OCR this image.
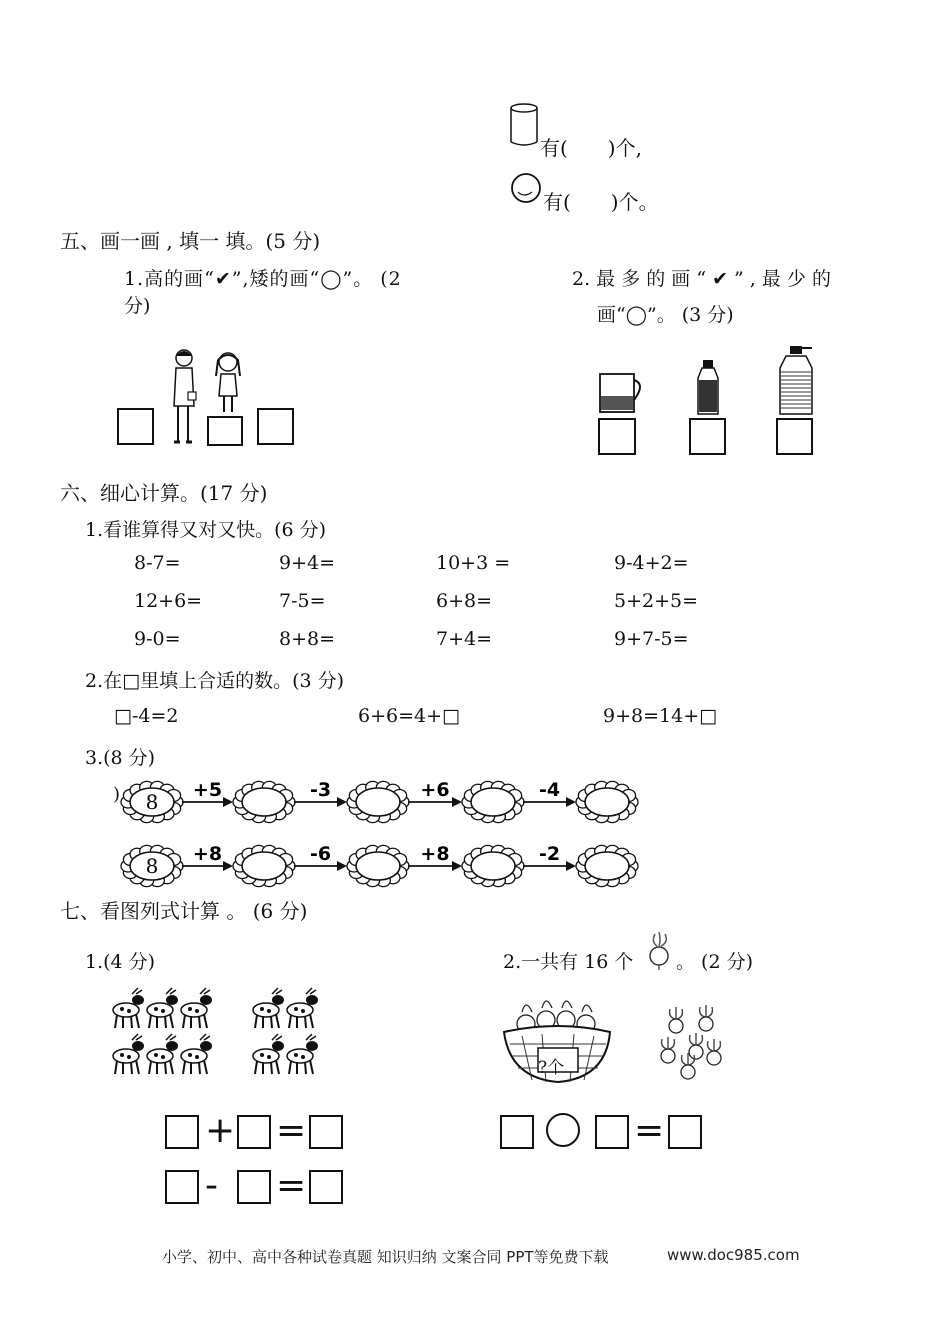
有(　　)个,
有(　　)个。
五、画一画 , 填一 填。(5 分)
1.高的画“✔”,矮的画“◯”。 (2
分)
2. 最 多 的 画 “ ✔ ” , 最 少 的
画“◯”。 (3 分)
六、细心计算。(17 分)
1.看谁算得又对又快。(6 分)
8-7=	9+4=	10+3 =	9-4+2=
12+6=	7-5=	6+8=	5+2+5=
9-0=	8+8=	7+4=	9+7-5=
2.在□里填上合适的数。(3 分)
□-4=2	6+6=4+□	9+8=14+□
3.(8 分)
) 8 +5	-3	+6	-4
8 +8	-6	+8	-2
七、看图列式计算 。 (6 分)
1.(4 分)	2.一共有 16 个 。 (2 分)
?个
+ =
- =
=
小学、初中、高中各种试卷真题 知识归纳 文案合同 PPT等免费下载	www.doc985.com
